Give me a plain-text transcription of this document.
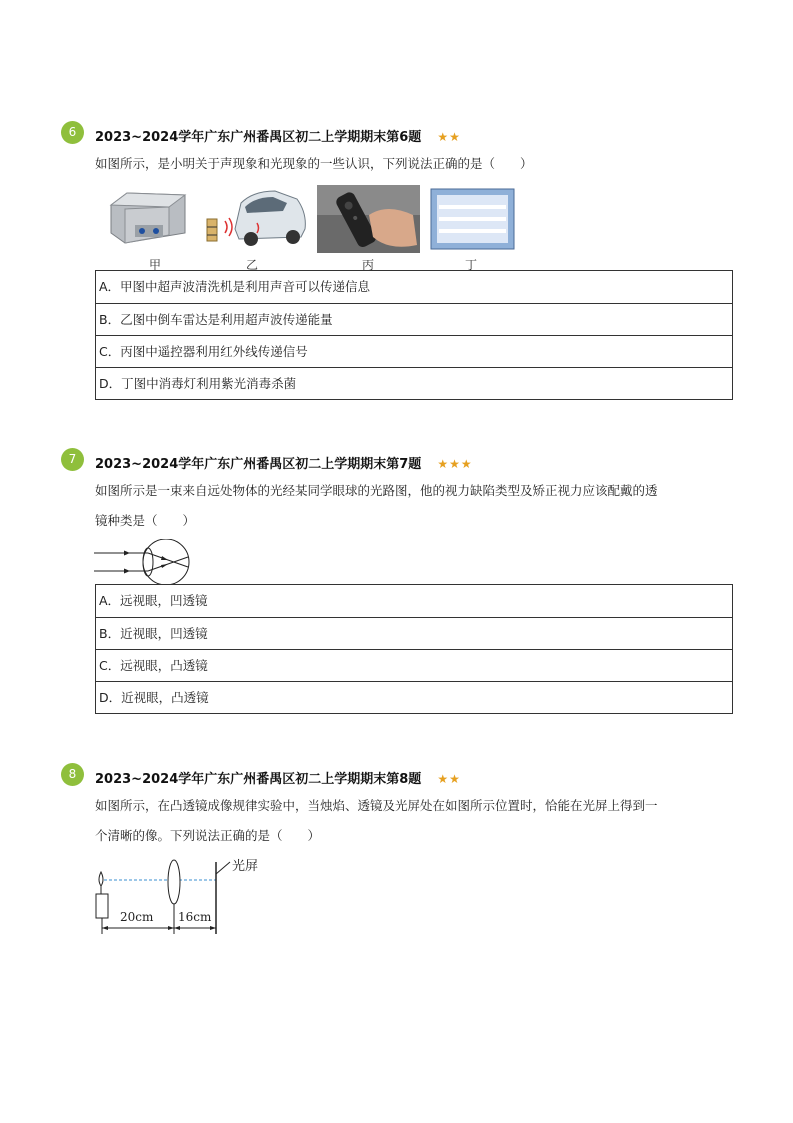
6	2023~2024学年广东广州番禺区初二上学期期末第6题 ★★
如图所示，是小明关于声现象和光现象的一些认识，下列说法正确的是（　　）
甲	乙	丙	丁
A．甲图中超声波清洗机是利用声音可以传递信息
B．乙图中倒车雷达是利用超声波传递能量
C．丙图中遥控器利用红外线传递信号
D．丁图中消毒灯利用紫光消毒杀菌
7	2023~2024学年广东广州番禺区初二上学期期末第7题 ★★★
如图所示是一束来自远处物体的光经某同学眼球的光路图，他的视力缺陷类型及矫正视力应该配戴的透
镜种类是（　　）
A．远视眼，凹透镜
B．近视眼，凹透镜
C．远视眼，凸透镜
D．近视眼，凸透镜
8	2023~2024学年广东广州番禺区初二上学期期末第8题 ★★
如图所示，在凸透镜成像规律实验中，当烛焰、透镜及光屏处在如图所示位置时，恰能在光屏上得到一
个清晰的像。下列说法正确的是（　　）
光屏
20cm 16cm
